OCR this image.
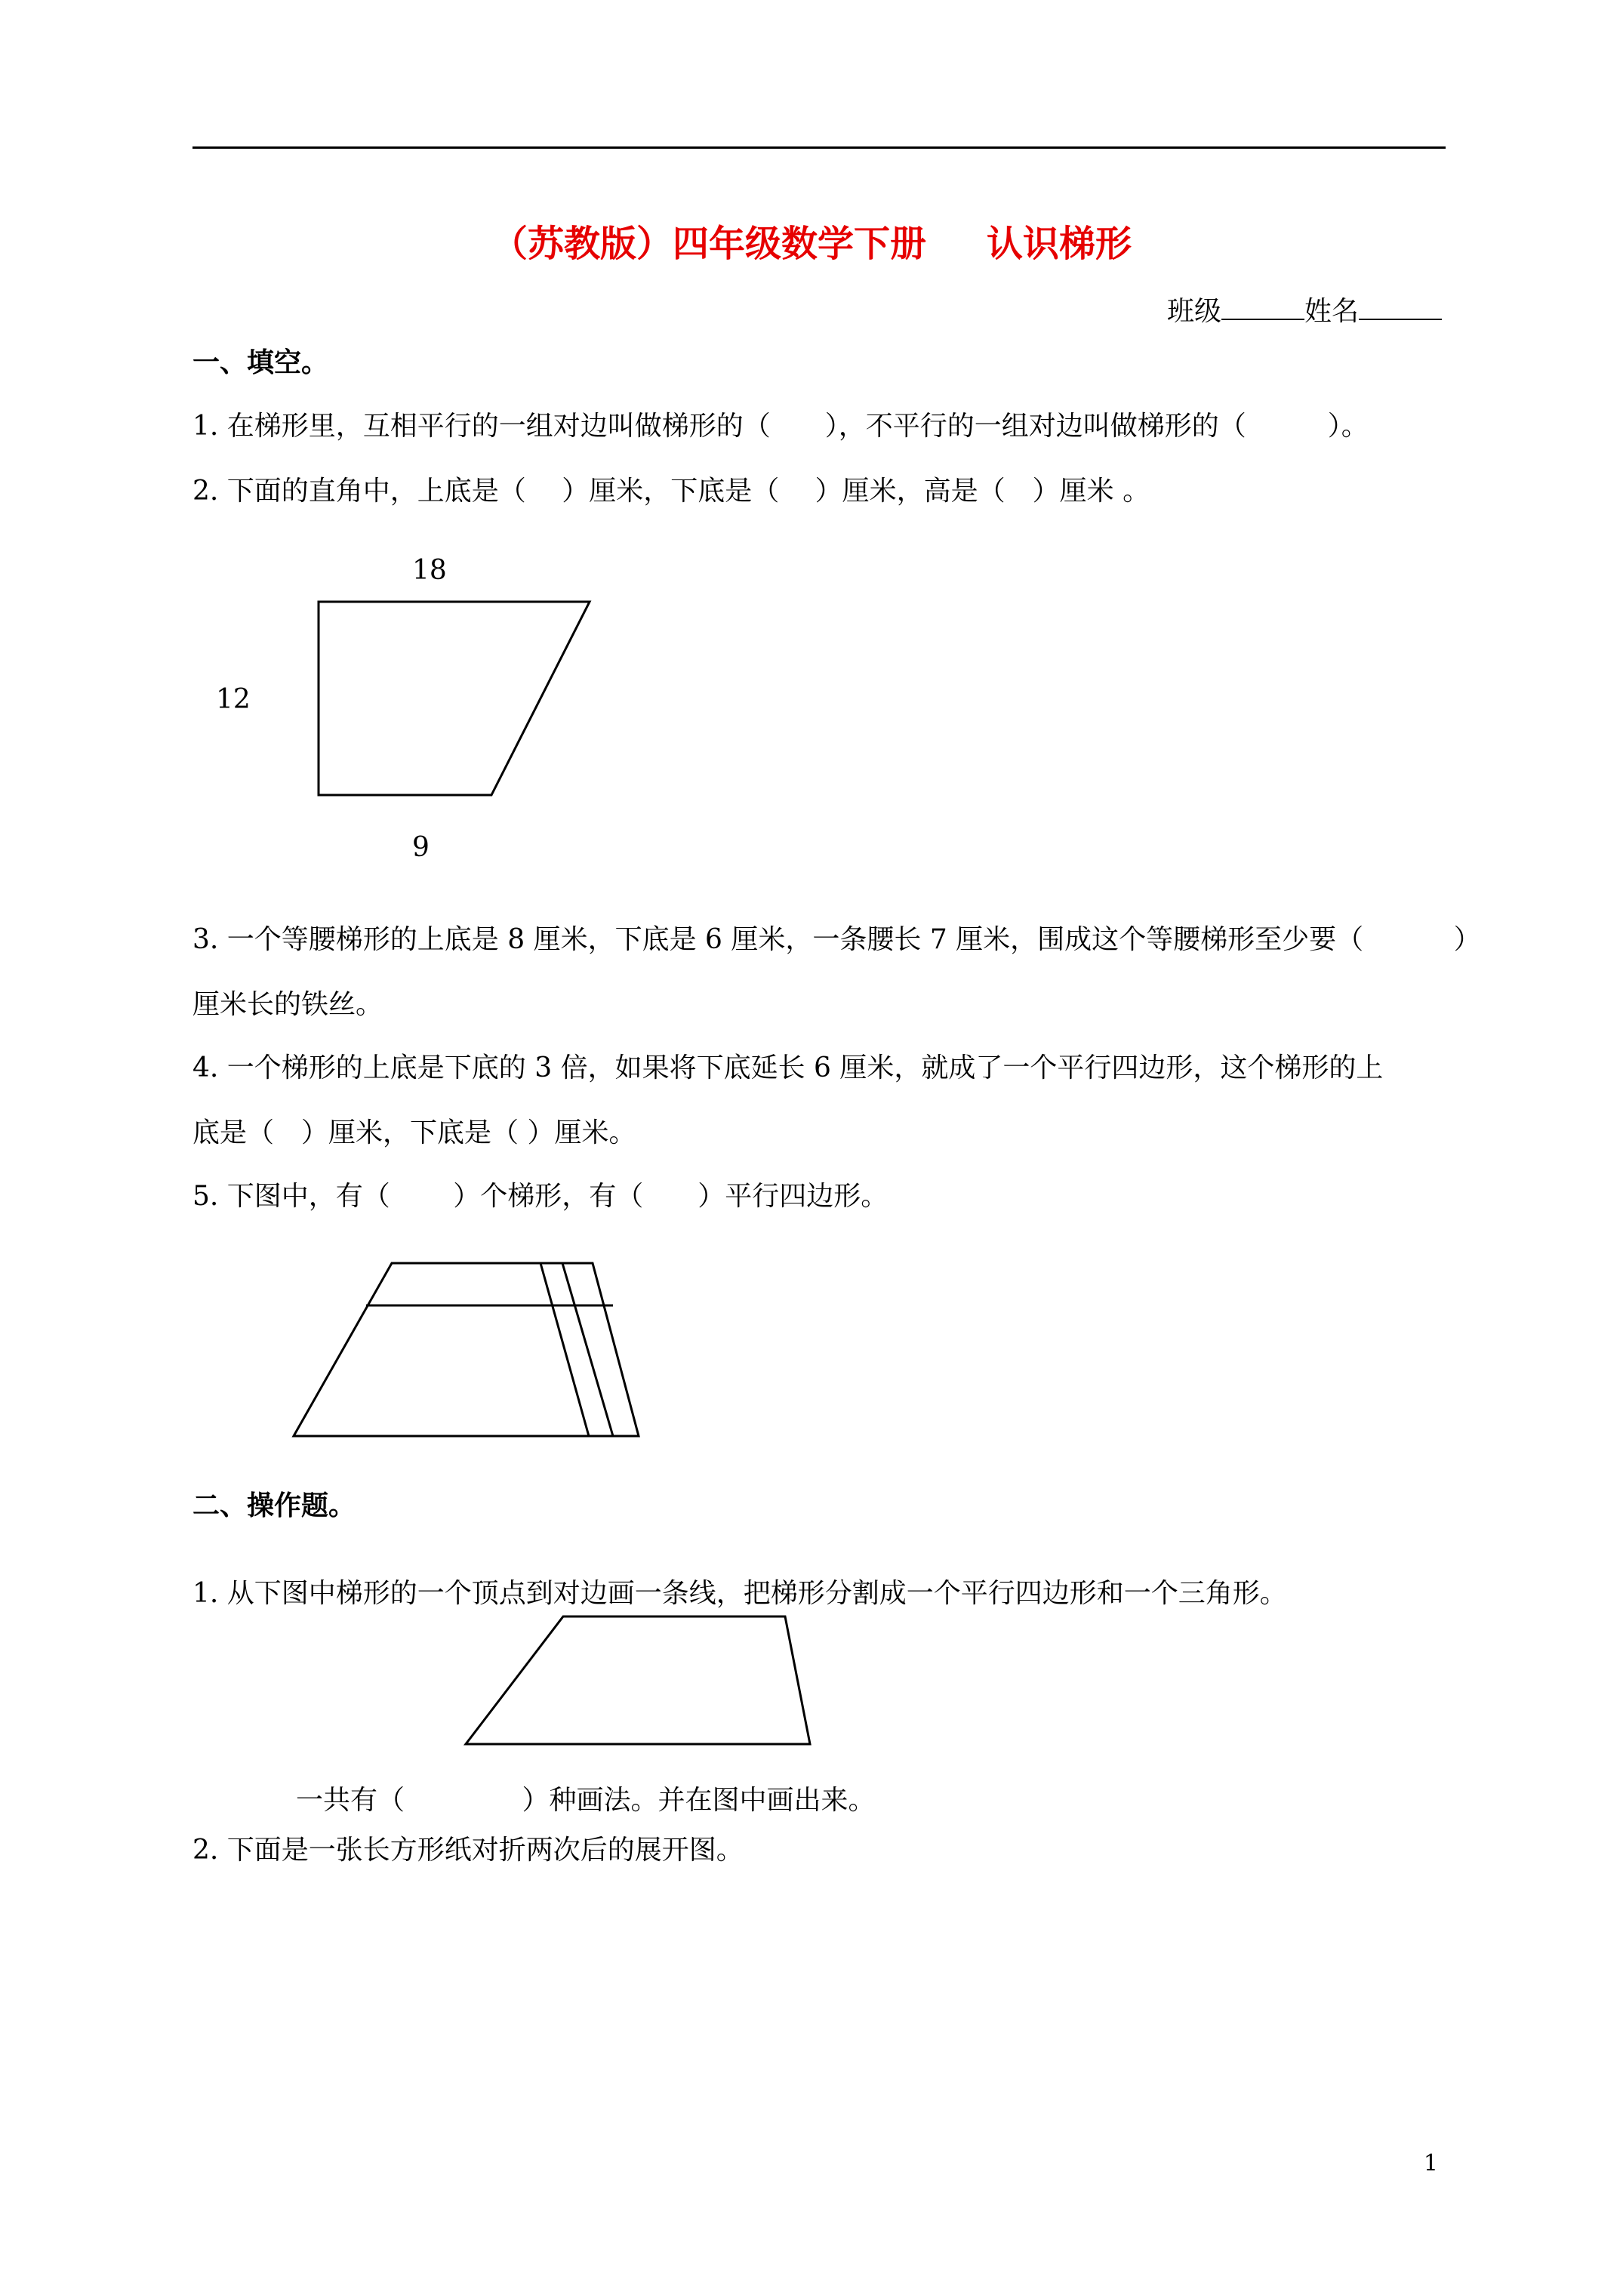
（苏教版）四年级数学下册 认识梯形
班级	姓名
一、填空。
1. 在梯形里，互相平行的一组对边叫做梯形的（　　），不平行的一组对边叫做梯形的（　　　）。
2. 下面的直角中，上底是（　 ）厘米，下底是（　 ）厘米，高是（　）厘米 。
18
12
9
3. 一个等腰梯形的上底是 8 厘米，下底是 6 厘米，一条腰长 7 厘米，围成这个等腰梯形至少要（　　　 ）
厘米长的铁丝。
4. 一个梯形的上底是下底的 3 倍，如果将下底延长 6 厘米，就成了一个平行四边形，这个梯形的上
底是（　）厘米，下底是（ ）厘米。
5. 下图中，有（　　 ）个梯形，有（　　）平行四边形。
二、操作题。
1. 从下图中梯形的一个顶点到对边画一条线，把梯形分割成一个平行四边形和一个三角形。
一共有（　　　　 ）种画法。并在图中画出来。
2. 下面是一张长方形纸对折两次后的展开图。
1
